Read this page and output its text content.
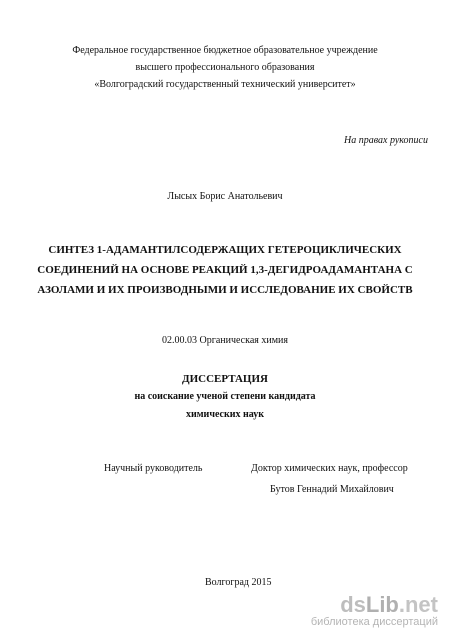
Федеральное государственное бюджетное образовательное учреждение
высшего профессионального образования
«Волгоградский государственный технический университет»
На правах рукописи
Лысых Борис Анатольевич
СИНТЕЗ 1-АДАМАНТИЛСОДЕРЖАЩИХ ГЕТЕРОЦИКЛИЧЕСКИХ
СОЕДИНЕНИЙ НА ОСНОВЕ РЕАКЦИЙ 1,3-ДЕГИДРОАДАМАНТАНА С
АЗОЛАМИ И ИХ ПРОИЗВОДНЫМИ И ИССЛЕДОВАНИЕ ИХ СВОЙСТВ
02.00.03 Органическая химия
ДИССЕРТАЦИЯ
на соискание ученой степени кандидата
химических наук
Научный руководитель	Доктор химических наук, профессор
Бутов Геннадий Михайлович
Волгоград 2015
dsLib.net
библиотека диссертаций
